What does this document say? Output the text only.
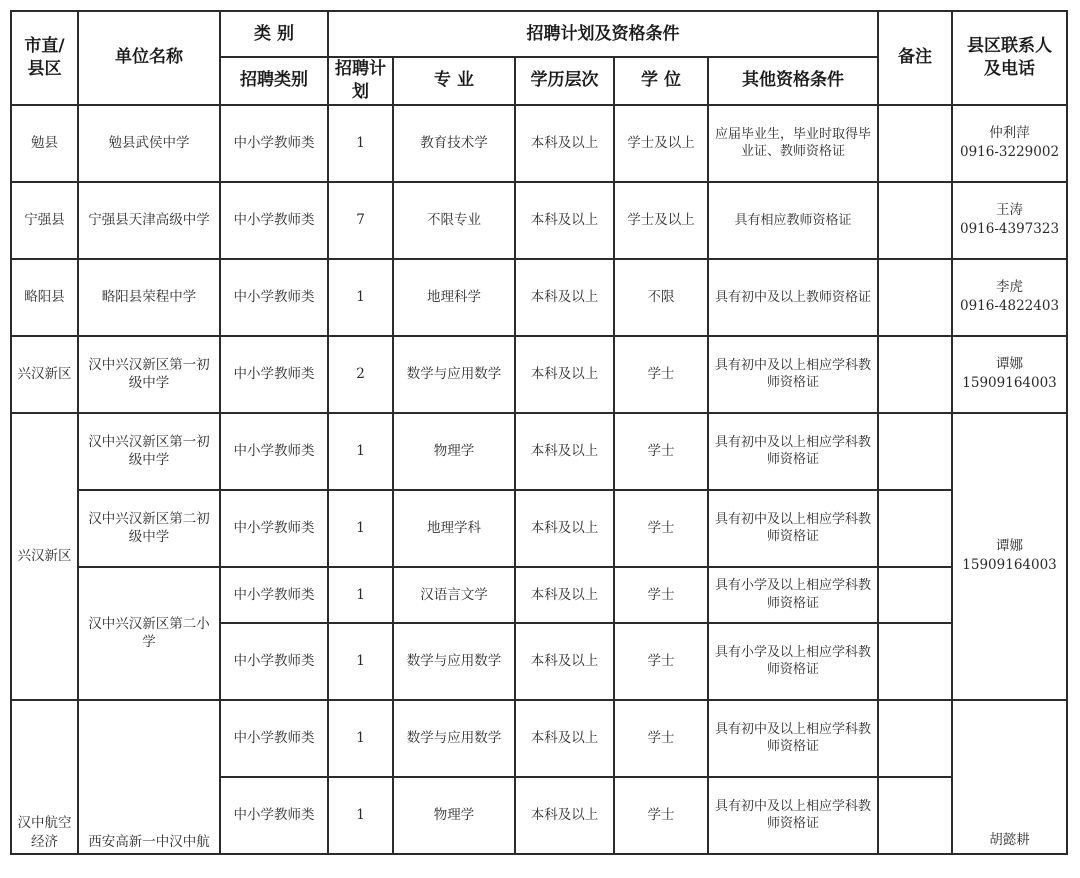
市直/县区	单位名称	类 别	招聘计划及资格条件					备注	县区联系人及电话

		招聘类别	招聘计划	专 业	学历层次	学 位	其他资格条件		
勉县	勉县武侯中学	中小学教师类	1	教育技术学	本科及以上	学士及以上	应届毕业生，毕业时取得毕业证、教师资格证		仲利萍
0916-3229002

宁强县	宁强县天津高级中学	中小学教师类	7	不限专业	本科及以上	学士及以上	具有相应教师资格证		王涛
0916-4397323

略阳县	略阳县荣程中学	中小学教师类	1	地理科学	本科及以上	不限	具有初中及以上教师资格证		李虎
0916-4822403

兴汉新区	汉中兴汉新区第一初级中学	中小学教师类	2	数学与应用数学	本科及以上	学士	具有初中及以上相应学科教师资格证		谭娜
15909164003

兴汉新区	汉中兴汉新区第一初级中学	中小学教师类	1	物理学	本科及以上	学士	具有初中及以上相应学科教师资格证		谭娜
15909164003

	汉中兴汉新区第二初级中学	中小学教师类	1	地理学科	本科及以上	学士	具有初中及以上相应学科教师资格证		
	汉中兴汉新区第二小学	中小学教师类	1	汉语言文学	本科及以上	学士	具有小学及以上相应学科教师资格证		
		中小学教师类	1	数学与应用数学	本科及以上	学士	具有小学及以上相应学科教师资格证		

汉中航空经济	西安高新一中汉中航	中小学教师类	1	数学与应用数学	本科及以上	学士	具有初中及以上相应学科教师资格证		胡懿耕

		中小学教师类	1	物理学	本科及以上	学士	具有初中及以上相应学科教师资格证		
